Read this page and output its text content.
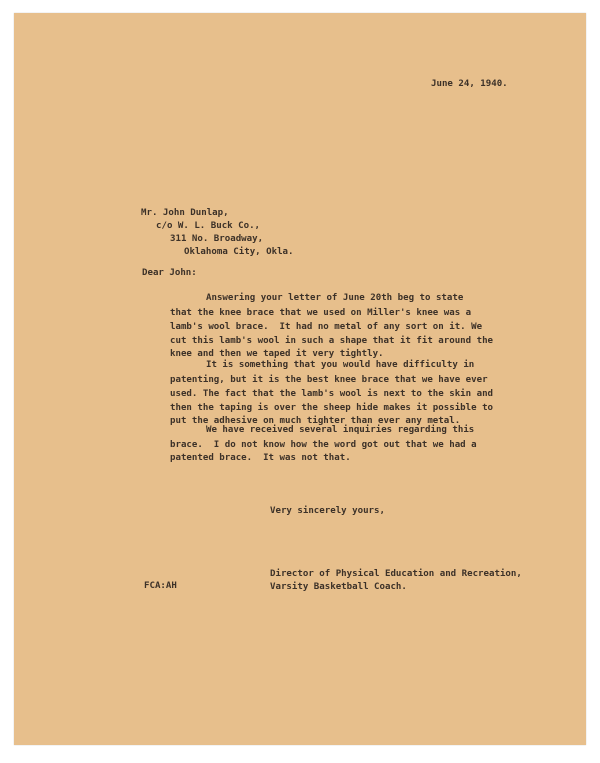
June 24, 1940.
Mr. John Dunlap,
c/o W. L. Buck Co.,
311 No. Broadway,
Oklahoma City, Okla.
Dear John:
Answering your letter of June 20th beg to state
that the knee brace that we used on Miller's knee was a
lamb's wool brace.  It had no metal of any sort on it. We
cut this lamb's wool in such a shape that it fit around the
knee and then we taped it very tightly.
It is something that you would have difficulty in
patenting, but it is the best knee brace that we have ever
used. The fact that the lamb's wool is next to the skin and
then the taping is over the sheep hide makes it possible to
put the adhesive on much tighter than ever any metal.
We have received several inquiries regarding this
brace.  I do not know how the word got out that we had a
patented brace.  It was not that.
Very sincerely yours,
Director of Physical Education and Recreation,
Varsity Basketball Coach.
FCA:AH
